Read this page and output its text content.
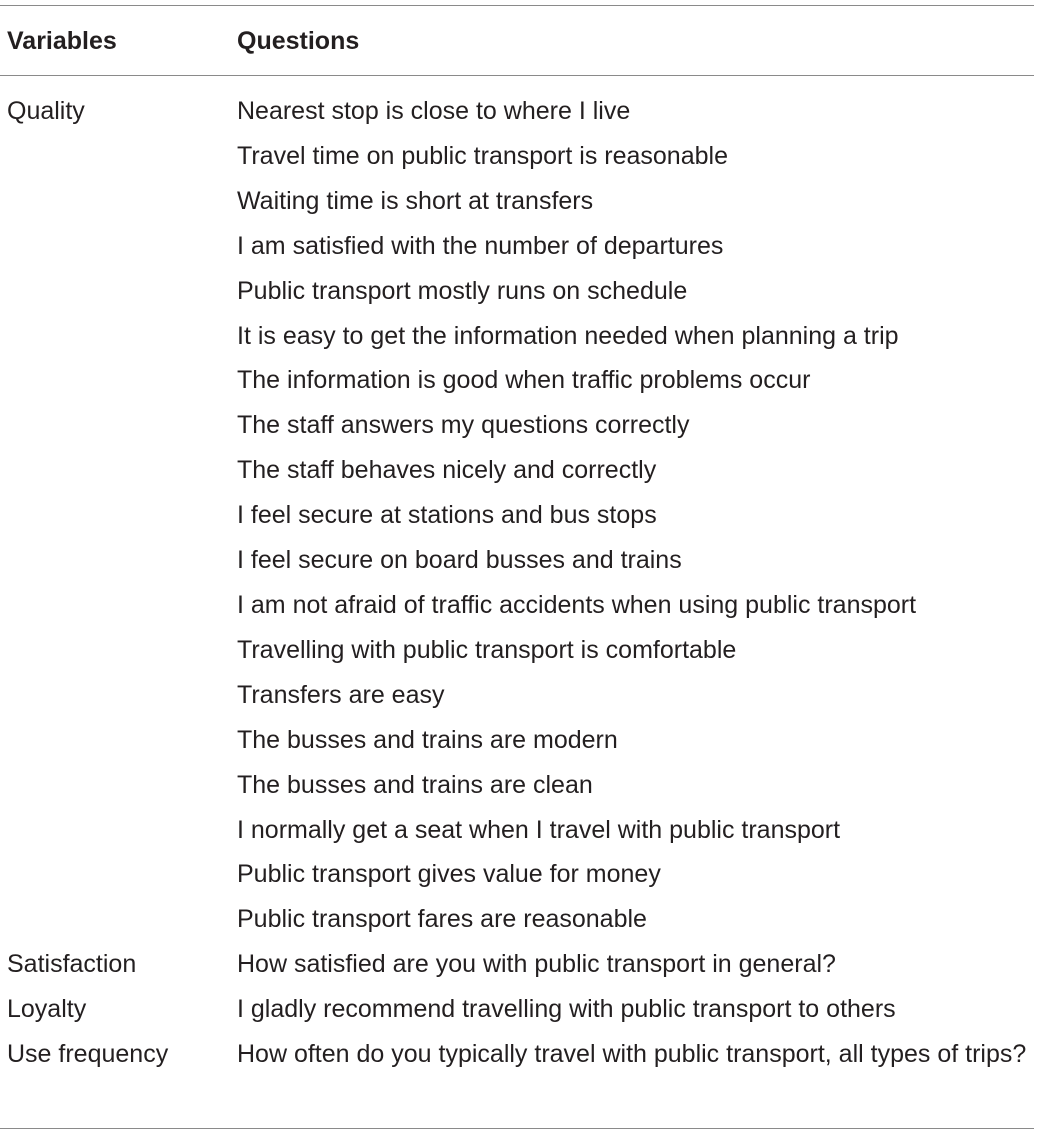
Variables	Questions
Quality	Nearest stop is close to where I live
Travel time on public transport is reasonable
Waiting time is short at transfers
I am satisfied with the number of departures
Public transport mostly runs on schedule
It is easy to get the information needed when planning a trip
The information is good when traffic problems occur
The staff answers my questions correctly
The staff behaves nicely and correctly
I feel secure at stations and bus stops
I feel secure on board busses and trains
I am not afraid of traffic accidents when using public transport
Travelling with public transport is comfortable
Transfers are easy
The busses and trains are modern
The busses and trains are clean
I normally get a seat when I travel with public transport
Public transport gives value for money
Public transport fares are reasonable
Satisfaction	How satisfied are you with public transport in general?
Loyalty	I gladly recommend travelling with public transport to others
Use frequency	How often do you typically travel with public transport, all types of trips?
